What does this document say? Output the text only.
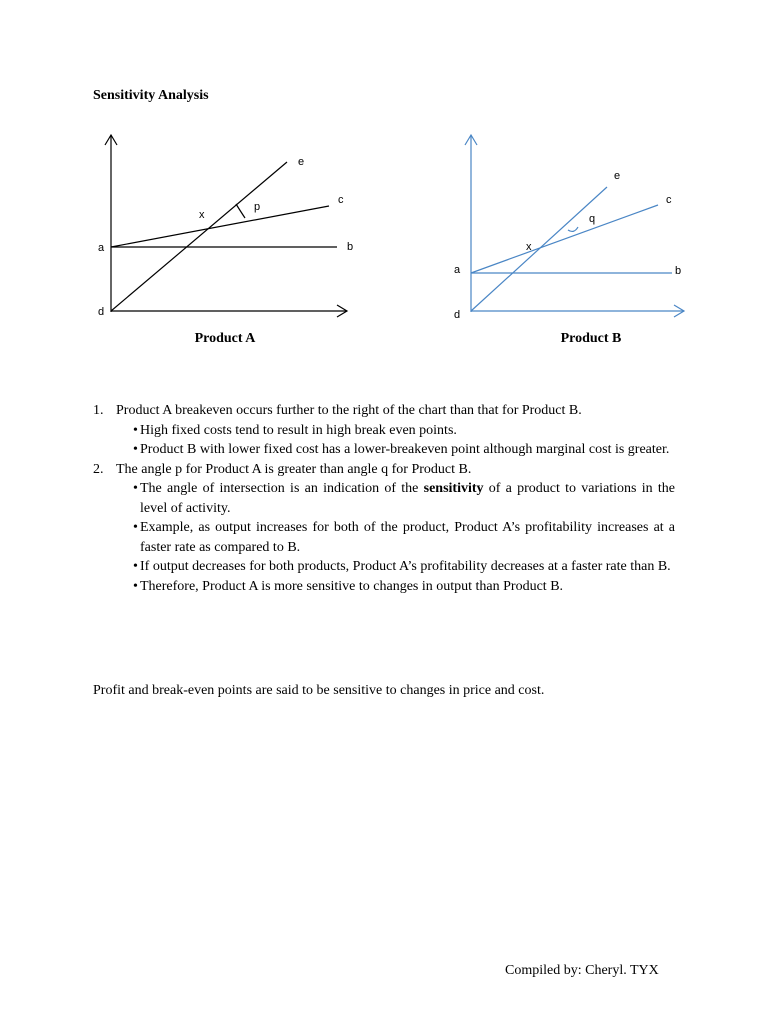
Sensitivity Analysis
a	b
c
d
e
x
p
a	b
c
d
e
x
q
Product A	Product B
1. Product A breakeven occurs further to the right of the chart than that for Product B.
• High fixed costs tend to result in high break even points.
• Product B with lower fixed cost has a lower-breakeven point although marginal cost is greater.
2. The angle p for Product A is greater than angle q for Product B.
• The angle of intersection is an indication of the sensitivity of a product to variations in the level of activity.
• Example, as output increases for both of the product, Product A’s profitability increases at a faster rate as compared to B.
• If output decreases for both products, Product A’s profitability decreases at a faster rate than B.
• Therefore, Product A is more sensitive to changes in output than Product B.
Profit and break-even points are said to be sensitive to changes in price and cost.
Compiled by: Cheryl. TYX
